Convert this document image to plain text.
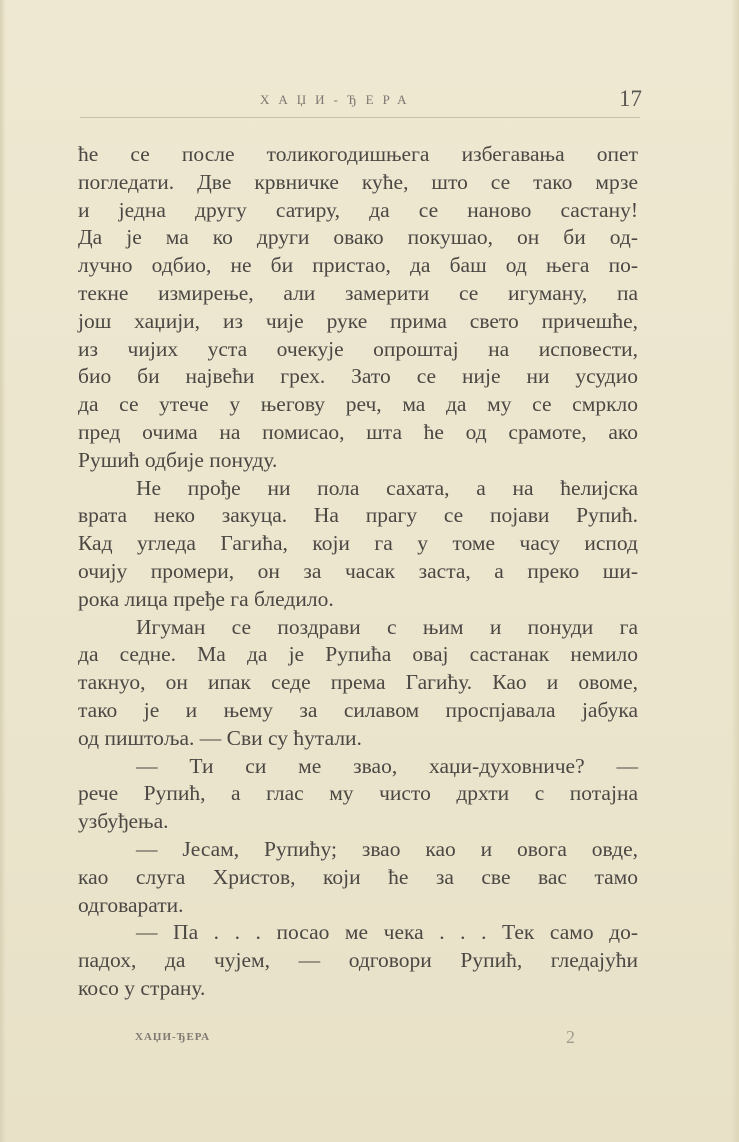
ХАЏИ-ЂЕРА	17
ће се после толикогодишњега избегавања опет
погледати. Две крвничке куће, што се тако мрзе
и једна другу сатиру, да се наново састану!
Да је ма ко други овако покушао, он би од-
лучно одбио, не би пристао, да баш од њега по-
текне измирење, али замерити се игуману, па
још хаџији, из чије руке прима свето причешће,
из чијих уста очекује опроштај на исповести,
био би највећи грех. Зато се није ни усудио
да се утече у његову реч, ма да му се смркло
пред очима на помисао, шта ће од срамоте, ако
Рушић одбије понуду.
Не прође ни пола сахата, а на ћелијска
врата неко закуца. На прагу се појави Рупић.
Кад угледа Гагића, који га у томе часу испод
очију промери, он за часак заста, а преко ши-
рока лица пређе га бледило.
Игуман се поздрави с њим и понуди га
да седне. Ма да је Рупића овај састанак немило
такнуо, он ипак седе према Гагићу. Као и овоме,
тако је и њему за силавом проспјавала јабука
од пиштоља. — Сви су ћутали.
— Ти си ме звао, хаџи-духовниче? —
рече Рупић, а глас му чисто дрхти с потајна
узбуђења.
— Јесам, Рупићу; звао као и овога овде,
као слуга Христов, који ће за све вас тамо
одговарати.
— Па . . . посао ме чека . . . Тек само до-
падох, да чујем, — одговори Рупић, гледајући
косо у страну.
ХАЏИ-ЂЕРА	2
